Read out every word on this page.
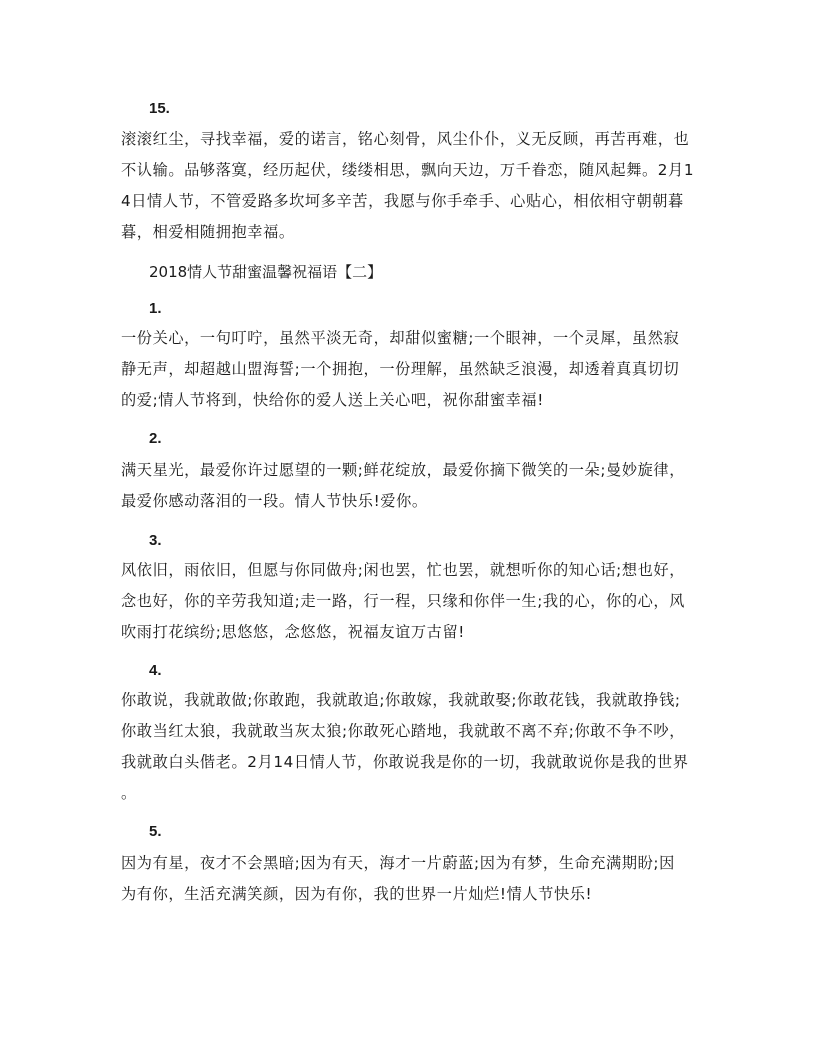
15.
滚滚红尘，寻找幸福，爱的诺言，铭心刻骨，风尘仆仆，义无反顾，再苦再难，也
不认输。品够落寞，经历起伏，缕缕相思，飘向天边，万千眷恋，随风起舞。2月1
4日情人节，不管爱路多坎坷多辛苦，我愿与你手牵手、心贴心，相依相守朝朝暮
暮，相爱相随拥抱幸福。
2018情人节甜蜜温馨祝福语【二】
1.
一份关心，一句叮咛，虽然平淡无奇，却甜似蜜糖;一个眼神，一个灵犀，虽然寂
静无声，却超越山盟海誓;一个拥抱，一份理解，虽然缺乏浪漫，却透着真真切切
的爱;情人节将到，快给你的爱人送上关心吧，祝你甜蜜幸福!
2.
满天星光，最爱你许过愿望的一颗;鲜花绽放，最爱你摘下微笑的一朵;曼妙旋律，
最爱你感动落泪的一段。情人节快乐!爱你。
3.
风依旧，雨依旧，但愿与你同做舟;闲也罢，忙也罢，就想听你的知心话;想也好，
念也好，你的辛劳我知道;走一路，行一程，只缘和你伴一生;我的心，你的心，风
吹雨打花缤纷;思悠悠，念悠悠，祝福友谊万古留!
4.
你敢说，我就敢做;你敢跑，我就敢追;你敢嫁，我就敢娶;你敢花钱，我就敢挣钱;
你敢当红太狼，我就敢当灰太狼;你敢死心踏地，我就敢不离不弃;你敢不争不吵，
我就敢白头偕老。2月14日情人节，你敢说我是你的一切，我就敢说你是我的世界
。
5.
因为有星，夜才不会黑暗;因为有天，海才一片蔚蓝;因为有梦，生命充满期盼;因
为有你，生活充满笑颜，因为有你，我的世界一片灿烂!情人节快乐!
